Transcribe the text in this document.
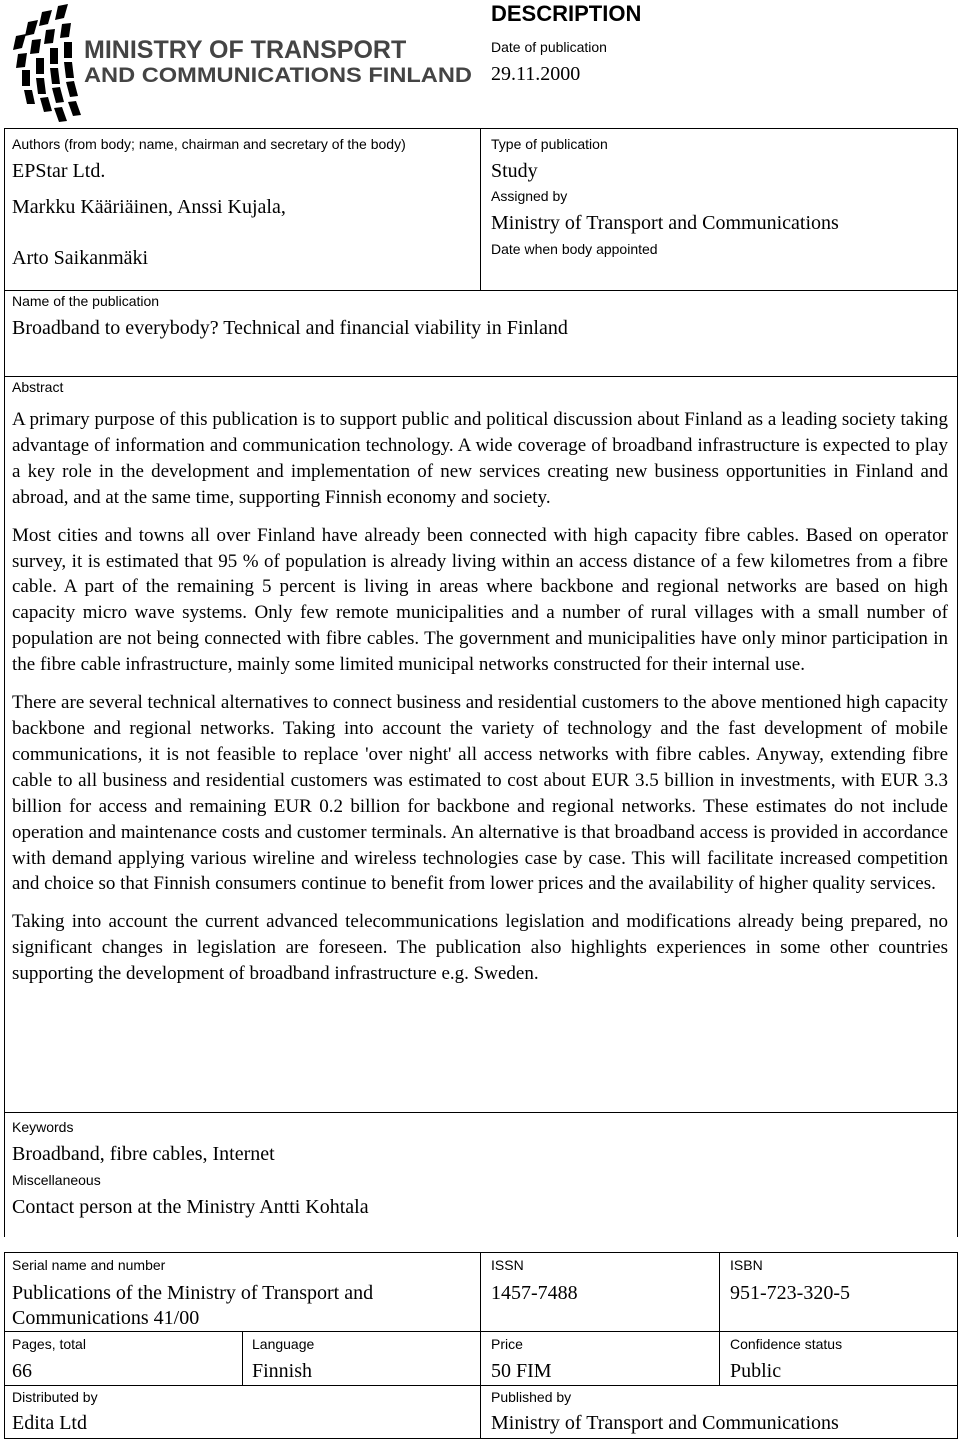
MINISTRY OF TRANSPORT
AND COMMUNICATIONS FINLAND
DESCRIPTION
Date of publication
29.11.2000
Authors (from body; name, chairman and secretary of the body)
EPStar Ltd.
Markku Kääriäinen, Anssi Kujala,
Arto Saikanmäki
Type of publication
Study
Assigned by
Ministry of Transport and Communications
Date when body appointed
Name of the publication
Broadband to everybody? Technical and financial viability in Finland
Abstract

A primary purpose of this publication is to support public and political discussion about Finland as a leading society taking advantage of information and communication technology. A wide coverage of broadband infrastructure is expected to play a key role in the development and implementation of new services creating new business opportunities in Finland and abroad, and at the same time, supporting Finnish economy and society.

Most cities and towns all over Finland have already been connected with high capacity fibre cables. Based on operator survey, it is estimated that 95 % of population is already living within an access distance of a few kilometres from a fibre cable. A part of the remaining 5 percent is living in areas where backbone and regional networks are based on high capacity micro wave systems. Only few remote municipalities and a number of rural villages with a small number of population are not being connected with fibre cables. The government and municipalities have only minor participation in the fibre cable infrastructure, mainly some limited municipal networks constructed for their internal use.

There are several technical alternatives to connect business and residential customers to the above mentioned high capacity backbone and regional networks. Taking into account the variety of technology and the fast development of mobile communications, it is not feasible to replace 'over night' all access networks with fibre cables. Anyway, extending fibre cable to all business and residential customers was estimated to cost about EUR 3.5 billion in investments, with EUR 3.3 billion for access and remaining EUR 0.2 billion for backbone and regional networks. These estimates do not include operation and maintenance costs and customer terminals. An alternative is that broadband access is provided in accordance with demand applying various wireline and wireless technologies case by case. This will facilitate increased competition and choice so that Finnish consumers continue to benefit from lower prices and the availability of higher quality services.

Taking into account the current advanced telecommunications legislation and modifications already being prepared, no significant changes in legislation are foreseen. The publication also highlights experiences in some other countries supporting the development of broadband infrastructure e.g. Sweden.

Keywords
Broadband, fibre cables, Internet
Miscellaneous
Contact person at the Ministry Antti Kohtala
Serial name and number
Publications of the Ministry of Transport and
Communications 41/00
ISSN
1457-7488
ISBN
951-723-320-5
Pages, total
66
Language
Finnish
Price
50 FIM
Confidence status
Public
Distributed by
Edita Ltd
Published by
Ministry of Transport and Communications
